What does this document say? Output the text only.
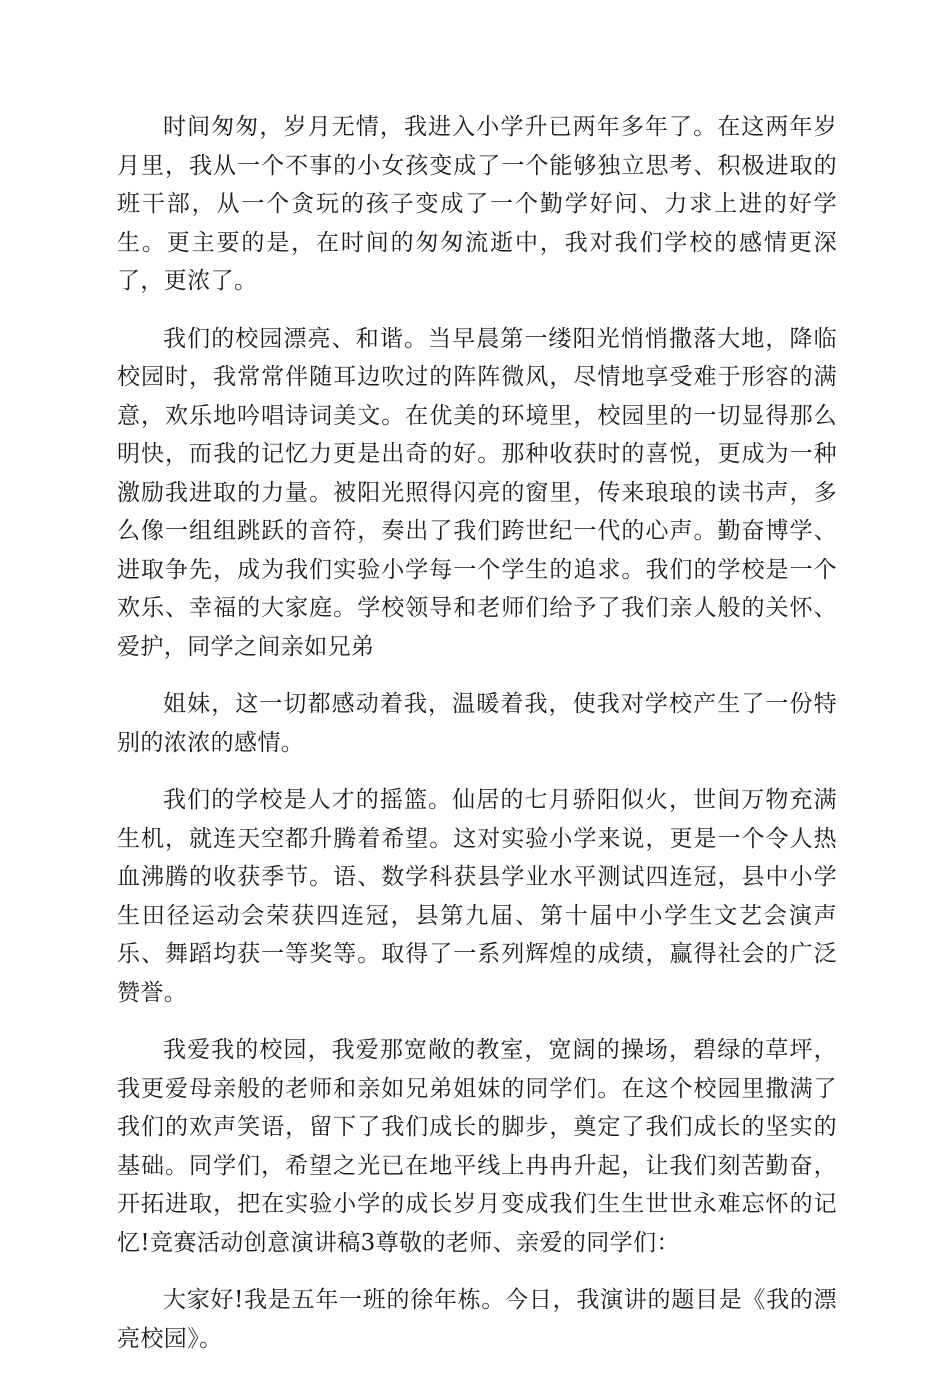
时间匆匆，岁月无情，我进入小学升已两年多年了。在这两年岁月里，我从一个不事的小女孩变成了一个能够独立思考、积极进取的班干部，从一个贪玩的孩子变成了一个勤学好问、力求上进的好学生。更主要的是，在时间的匆匆流逝中，我对我们学校的感情更深了，更浓了。

我们的校园漂亮、和谐。当早晨第一缕阳光悄悄撒落大地，降临校园时，我常常伴随耳边吹过的阵阵微风，尽情地享受难于形容的满意，欢乐地吟唱诗词美文。在优美的环境里，校园里的一切显得那么明快，而我的记忆力更是出奇的好。那种收获时的喜悦，更成为一种激励我进取的力量。被阳光照得闪亮的窗里，传来琅琅的读书声，多么像一组组跳跃的音符，奏出了我们跨世纪一代的心声。勤奋博学、进取争先，成为我们实验小学每一个学生的追求。我们的学校是一个欢乐、幸福的大家庭。学校领导和老师们给予了我们亲人般的关怀、爱护，同学之间亲如兄弟

姐妹，这一切都感动着我，温暖着我，使我对学校产生了一份特别的浓浓的感情。

我们的学校是人才的摇篮。仙居的七月骄阳似火，世间万物充满生机，就连天空都升腾着希望。这对实验小学来说，更是一个令人热血沸腾的收获季节。语、数学科获县学业水平测试四连冠，县中小学生田径运动会荣获四连冠，县第九届、第十届中小学生文艺会演声乐、舞蹈均获一等奖等。取得了一系列辉煌的成绩，赢得社会的广泛赞誉。

我爱我的校园，我爱那宽敞的教室，宽阔的操场，碧绿的草坪，我更爱母亲般的老师和亲如兄弟姐妹的同学们。在这个校园里撒满了我们的欢声笑语，留下了我们成长的脚步，奠定了我们成长的坚实的基础。同学们，希望之光已在地平线上冉冉升起，让我们刻苦勤奋，开拓进取，把在实验小学的成长岁月变成我们生生世世永难忘怀的记忆!竞赛活动创意演讲稿3尊敬的老师、亲爱的同学们：

大家好!我是五年一班的徐年栋。今日，我演讲的题目是《我的漂亮校园》。
